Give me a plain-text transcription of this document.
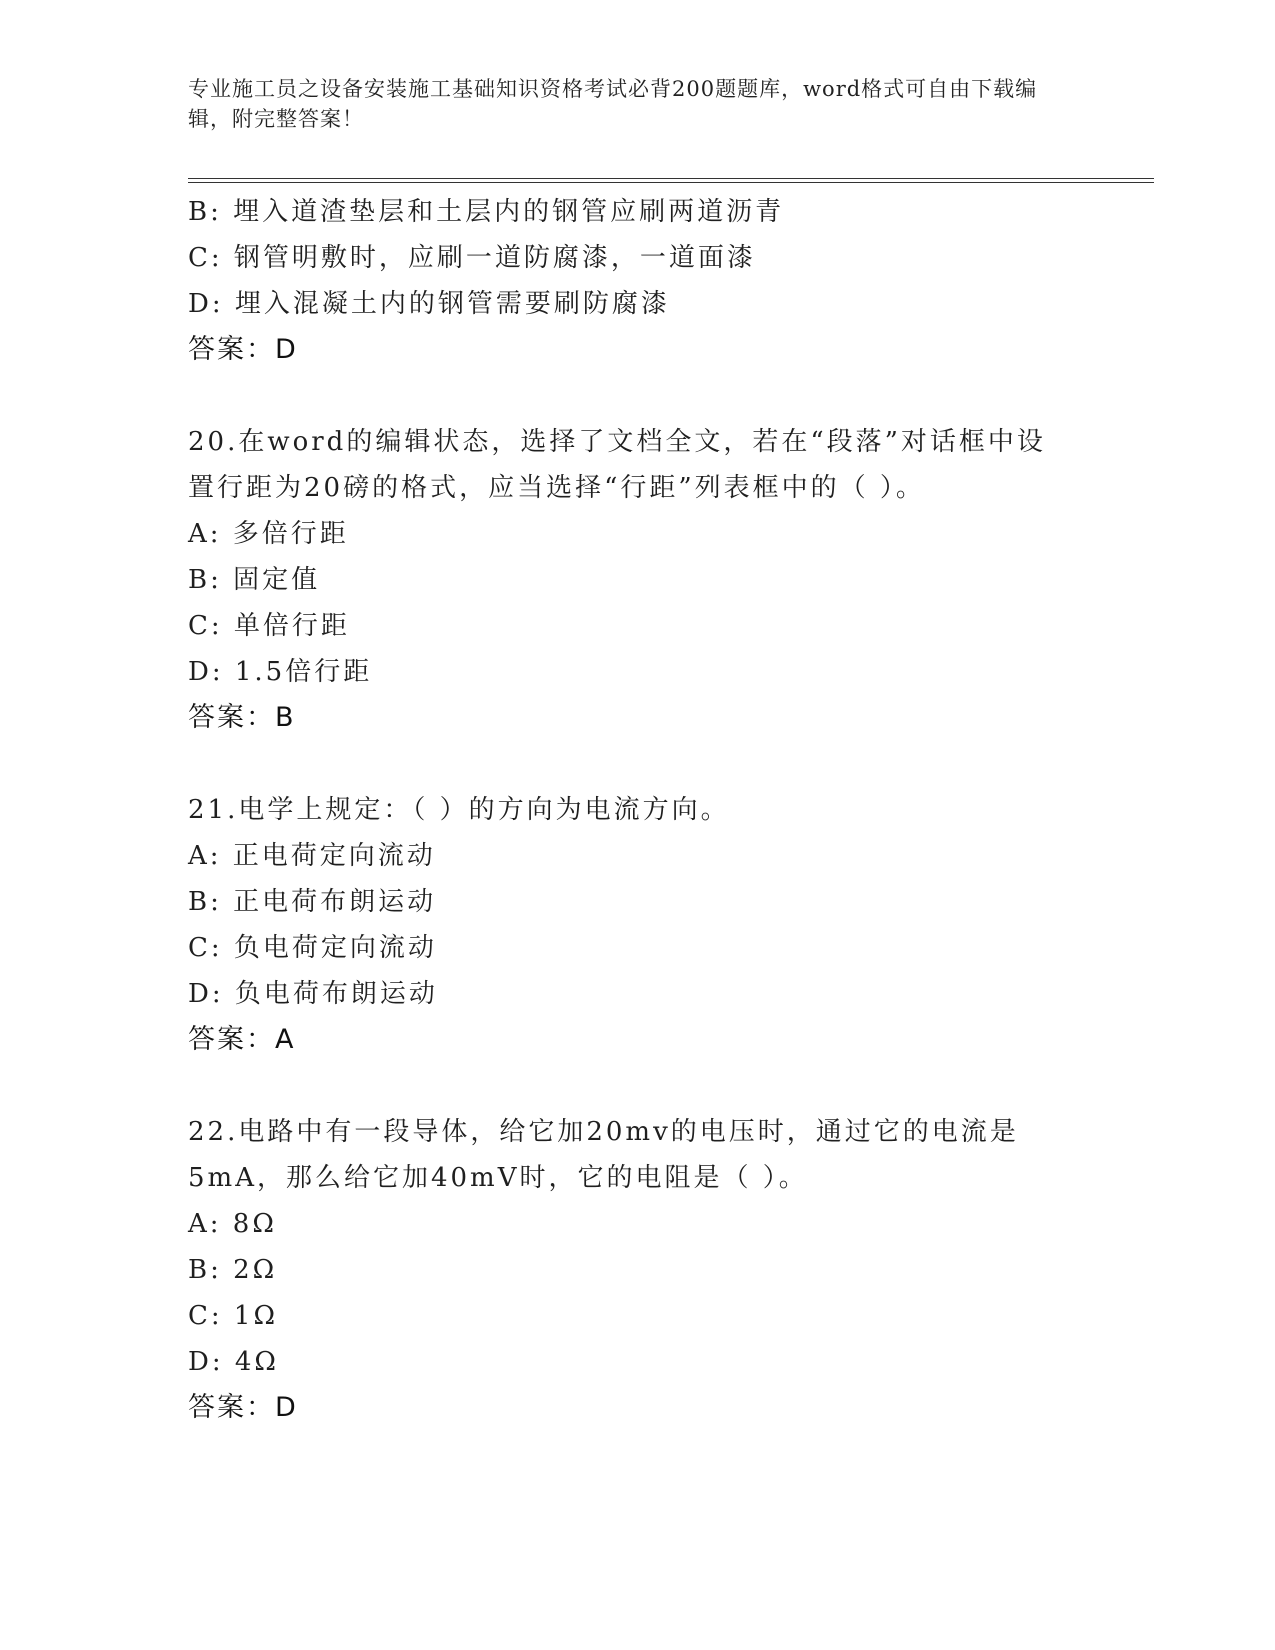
专业施工员之设备安装施工基础知识资格考试必背200题题库，word格式可自由下载编辑，附完整答案！
B: 埋入道渣垫层和土层内的钢管应刷两道沥青
C: 钢管明敷时，应刷一道防腐漆，一道面漆
D: 埋入混凝土内的钢管需要刷防腐漆
答案：D
20.在word的编辑状态，选择了文档全文，若在“段落”对话框中设置行距为20磅的格式，应当选择“行距”列表框中的（ ）。
A: 多倍行距
B: 固定值
C: 单倍行距
D: 1.5倍行距
答案：B
21.电学上规定：（ ）的方向为电流方向。
A: 正电荷定向流动
B: 正电荷布朗运动
C: 负电荷定向流动
D: 负电荷布朗运动
答案：A
22.电路中有一段导体，给它加20mv的电压时，通过它的电流是5mA，那么给它加40mV时，它的电阻是（ ）。
A: 8Ω
B: 2Ω
C: 1Ω
D: 4Ω
答案：D
